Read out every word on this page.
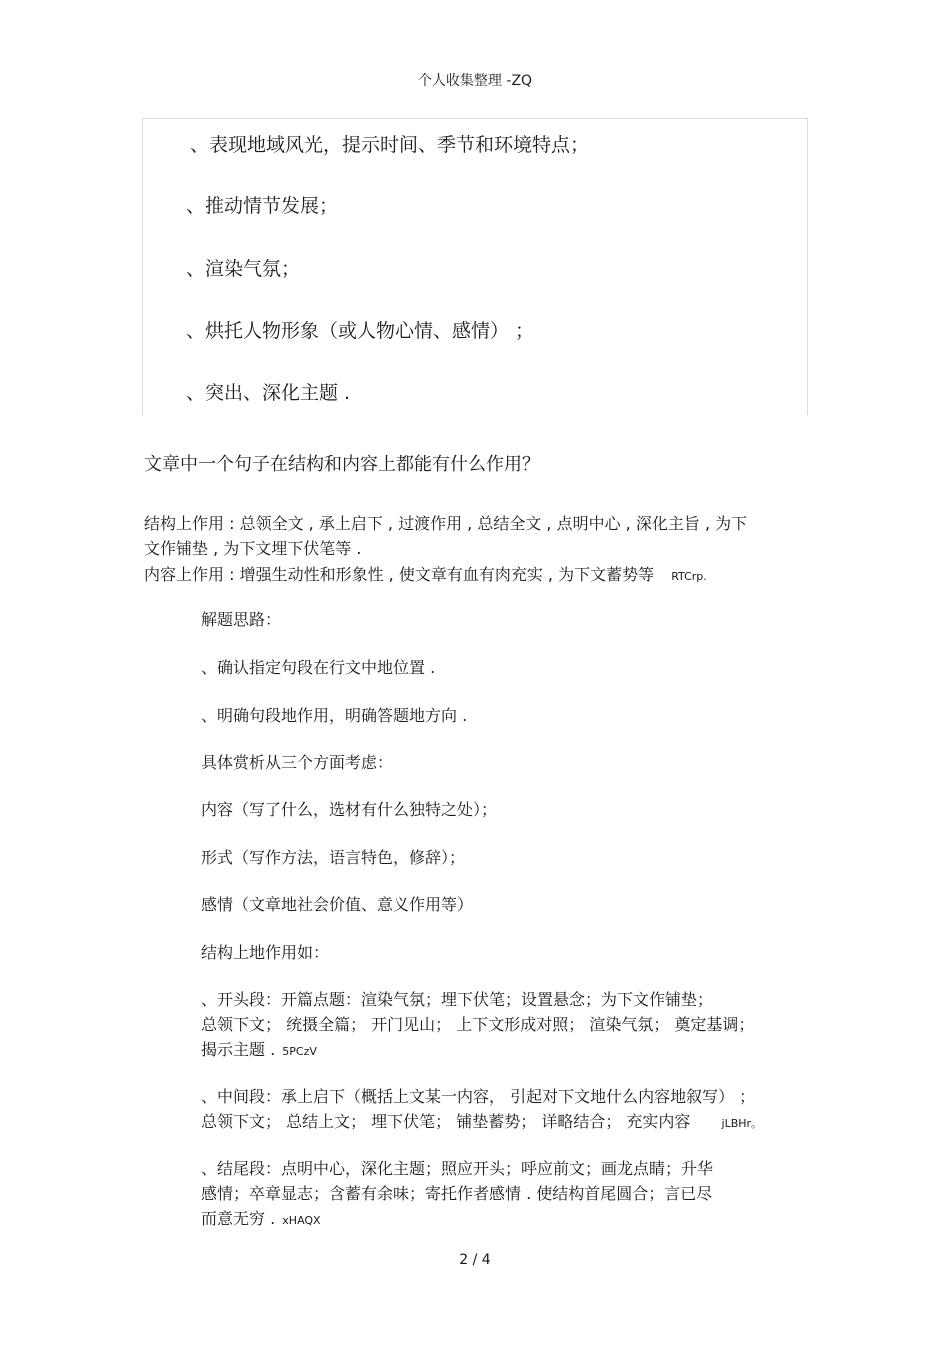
个人收集整理 -ZQ
、表现地域风光，提示时间、季节和环境特点；
、推动情节发展；
、渲染气氛；
、烘托人物形象（或人物心情、感情） ；
、突出、深化主题 .
文章中一个句子在结构和内容上都能有什么作用？
结构上作用 : 总领全文 , 承上启下 , 过渡作用 , 总结全文 , 点明中心 , 深化主旨 , 为下
文作铺垫 , 为下文埋下伏笔等 .
内容上作用 : 增强生动性和形象性 , 使文章有血有肉充实 , 为下文蓄势等 RTCrp.
解题思路：
、确认指定句段在行文中地位置 .
、明确句段地作用，明确答题地方向 .
具体赏析从三个方面考虑：
内容（写了什么，选材有什么独特之处）；
形式（写作方法，语言特色，修辞）；
感情（文章地社会价值、意义作用等）
结构上地作用如：
、开头段：开篇点题：渲染气氛；埋下伏笔；设置悬念；为下文作铺垫；
总领下文； 统摄全篇； 开门见山； 上下文形成对照； 渲染气氛； 奠定基调；
揭示主题 . 5PCzV
、中间段：承上启下（概括上文某一内容， 引起对下文地什么内容地叙写） ；
总领下文； 总结上文； 埋下伏笔； 铺垫蓄势； 详略结合； 充实内容	jLBHr。
、结尾段：点明中心，深化主题；照应开头；呼应前文；画龙点睛；升华
感情；卒章显志；含蓄有余味；寄托作者感情 . 使结构首尾圆合；言已尽
而意无穷 . xHAQX
2 / 4
